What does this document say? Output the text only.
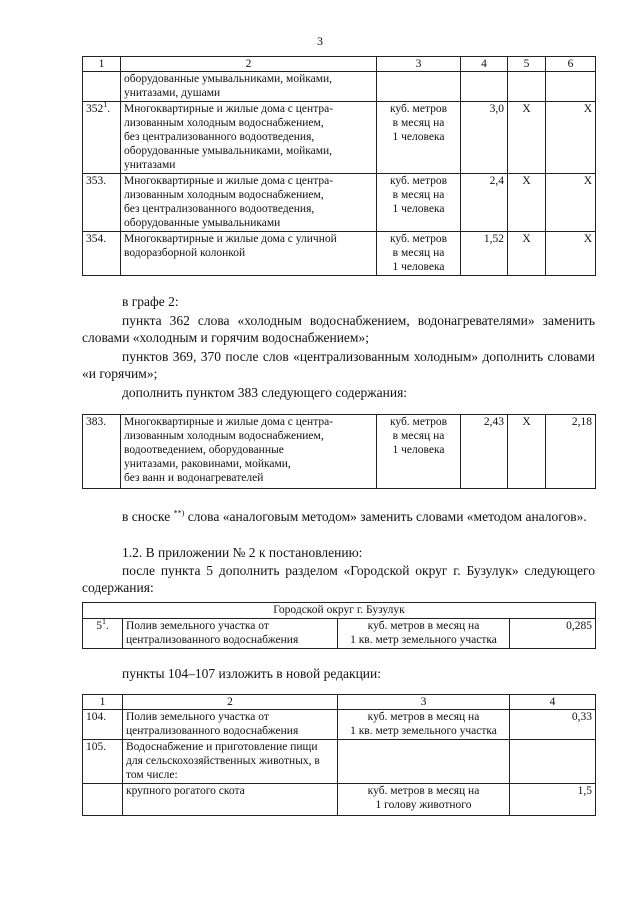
3
1	2	3	4	5	6
	оборудованные умывальниками, мойками,
унитазами, душами				
$352^1$.	Многоквартирные и жилые дома с центра-
лизованным холодным водоснабжением,
без централизованного водоотведения,
оборудованные умывальниками, мойками,
унитазами	куб. метров
в месяц на
1 человека	3,0	Х	Х
353.	Многоквартирные и жилые дома с центра-
лизованным холодным водоснабжением,
без централизованного водоотведения,
оборудованные умывальниками	куб. метров
в месяц на
1 человека	2,4	Х	Х
354.	Многоквартирные и жилые дома с уличной
водоразборной колонкой	куб. метров
в месяц на
1 человека	1,52	Х	Х
в графе 2:
пункта 362 слова «холодным водоснабжением, водонагревателями» заменить словами «холодным и горячим водоснабжением»;
пунктов 369, 370 после слов «централизованным холодным» дополнить словами «и горячим»;
дополнить пунктом 383 следующего содержания:
383.	Многоквартирные и жилые дома с центра-
лизованным холодным водоснабжением,
водоотведением, оборудованные
унитазами, раковинами, мойками,
без ванн и водонагревателей	куб. метров
в месяц на
1 человека	2,43	Х	2,18
в сноске **) слова «аналоговым методом» заменить словами «методом аналогов».
1.2. В приложении № 2 к постановлению:
после пункта 5 дополнить разделом «Городской округ г. Бузулук» следующего содержания:
Городской округ г. Бузулук
$5^1$.	Полив земельного участка от
централизованного водоснабжения	куб. метров в месяц на
1 кв. метр земельного участка	0,285
пункты 104–107 изложить в новой редакции:
1	2	3	4
104.	Полив земельного участка от
централизованного водоснабжения	куб. метров в месяц на
1 кв. метр земельного участка	0,33
105.	Водоснабжение и приготовление пищи
для сельскохозяйственных животных, в
том числе:		
	крупного рогатого скота	куб. метров в месяц на
1 голову животного	1,5
